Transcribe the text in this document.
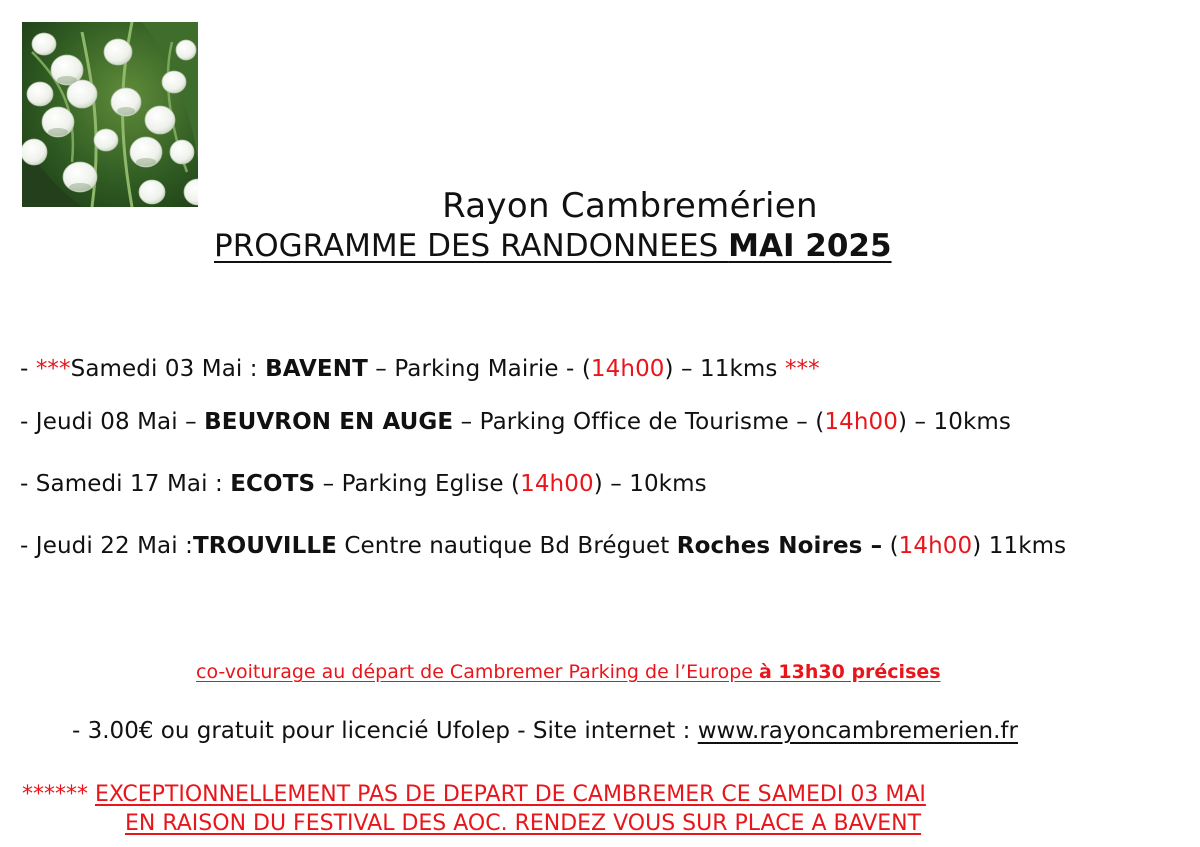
Rayon Cambremérien
PROGRAMME DES RANDONNEES MAI 2025
- ***Samedi 03 Mai : BAVENT – Parking Mairie - (14h00) – 11kms ***
- Jeudi 08 Mai – BEUVRON EN AUGE – Parking Office de Tourisme – (14h00) – 10kms
- Samedi 17 Mai : ECOTS – Parking Eglise (14h00) – 10kms
- Jeudi 22 Mai :TROUVILLE Centre nautique Bd Bréguet Roches Noires – (14h00) 11kms
co-voiturage au départ de Cambremer Parking de l’Europe à 13h30 précises
- 3.00€ ou gratuit pour licencié Ufolep - Site internet : www.rayoncambremerien.fr
****** EXCEPTIONNELLEMENT PAS DE DEPART DE CAMBREMER CE SAMEDI 03 MAI
EN RAISON DU FESTIVAL DES AOC. RENDEZ VOUS SUR PLACE A BAVENT
